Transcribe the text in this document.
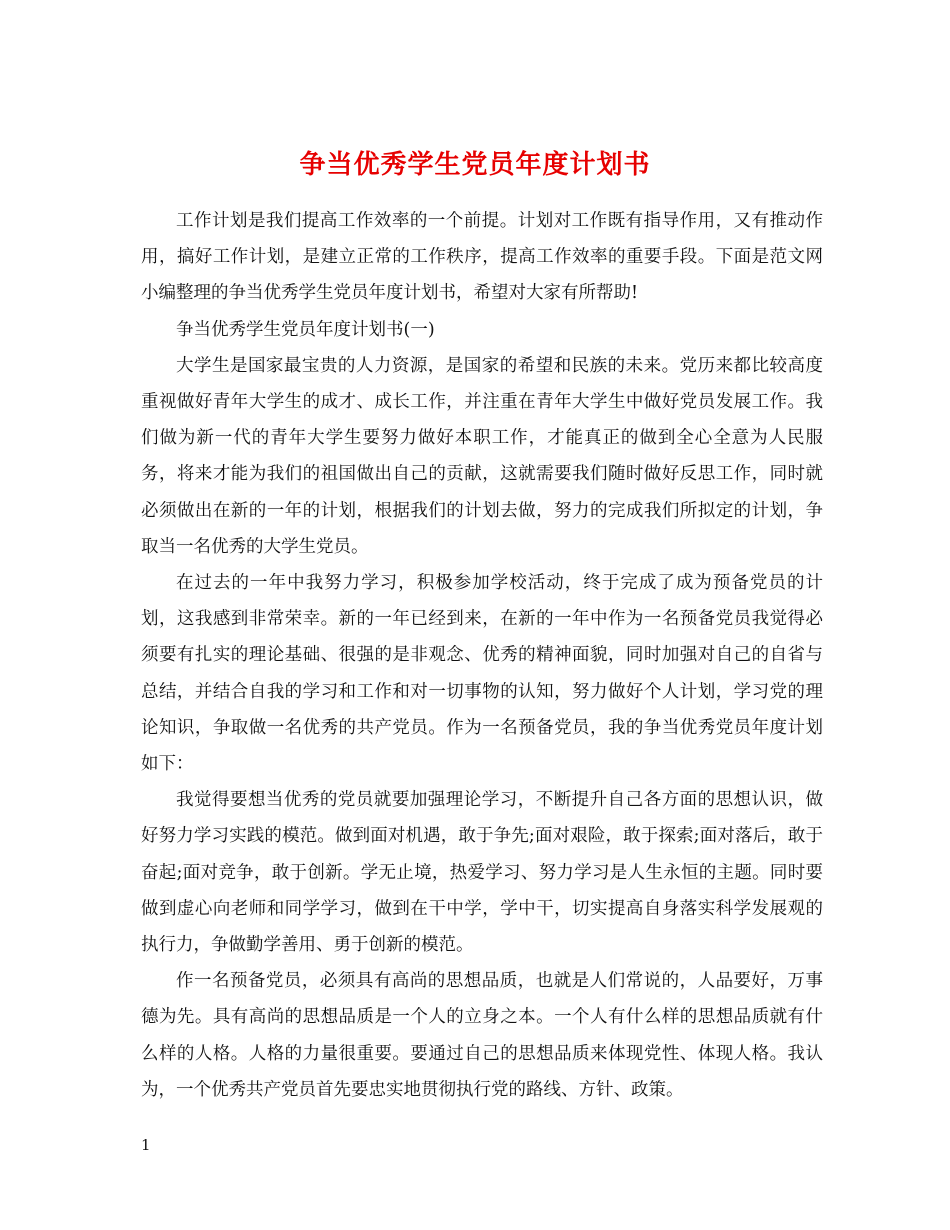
争当优秀学生党员年度计划书

工作计划是我们提高工作效率的一个前提。计划对工作既有指导作用，又有推动作用，搞好工作计划，是建立正常的工作秩序，提高工作效率的重要手段。下面是范文网小编整理的争当优秀学生党员年度计划书，希望对大家有所帮助!

争当优秀学生党员年度计划书(一)

大学生是国家最宝贵的人力资源，是国家的希望和民族的未来。党历来都比较高度重视做好青年大学生的成才、成长工作，并注重在青年大学生中做好党员发展工作。我们做为新一代的青年大学生要努力做好本职工作，才能真正的做到全心全意为人民服务，将来才能为我们的祖国做出自己的贡献，这就需要我们随时做好反思工作，同时就必须做出在新的一年的计划，根据我们的计划去做，努力的完成我们所拟定的计划，争取当一名优秀的大学生党员。

在过去的一年中我努力学习，积极参加学校活动，终于完成了成为预备党员的计划，这我感到非常荣幸。新的一年已经到来，在新的一年中作为一名预备党员我觉得必须要有扎实的理论基础、很强的是非观念、优秀的精神面貌，同时加强对自己的自省与总结，并结合自我的学习和工作和对一切事物的认知，努力做好个人计划，学习党的理论知识，争取做一名优秀的共产党员。作为一名预备党员，我的争当优秀党员年度计划如下：

我觉得要想当优秀的党员就要加强理论学习，不断提升自己各方面的思想认识，做好努力学习实践的模范。做到面对机遇，敢于争先;面对艰险，敢于探索;面对落后，敢于奋起;面对竞争，敢于创新。学无止境，热爱学习、努力学习是人生永恒的主题。同时要做到虚心向老师和同学学习，做到在干中学，学中干，切实提高自身落实科学发展观的执行力，争做勤学善用、勇于创新的模范。

作一名预备党员，必须具有高尚的思想品质，也就是人们常说的，人品要好，万事德为先。具有高尚的思想品质是一个人的立身之本。一个人有什么样的思想品质就有什么样的人格。人格的力量很重要。要通过自己的思想品质来体现党性、体现人格。我认为，一个优秀共产党员首先要忠实地贯彻执行党的路线、方针、政策。

1
